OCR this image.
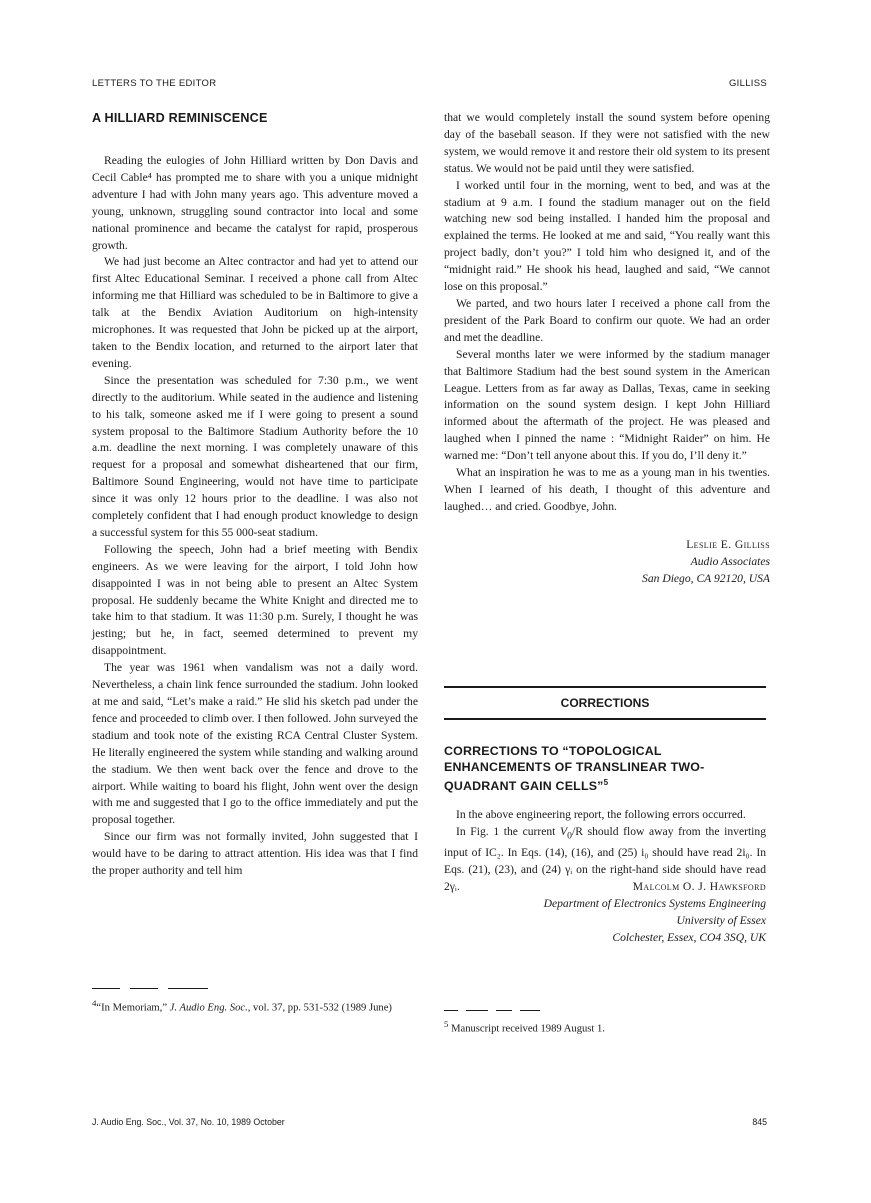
LETTERS TO THE EDITOR	GILLISS
A HILLIARD REMINISCENCE

Reading the eulogies of John Hilliard written by Don Davis and Cecil Cable⁴ has prompted me to share with you a unique midnight adventure I had with John many years ago. This adventure moved a young, unknown, struggling sound contractor into local and some national prominence and became the catalyst for rapid, prosperous growth.

We had just become an Altec contractor and had yet to attend our first Altec Educational Seminar. I received a phone call from Altec informing me that Hilliard was scheduled to be in Baltimore to give a talk at the Bendix Aviation Auditorium on high-intensity microphones. It was requested that John be picked up at the airport, taken to the Bendix location, and returned to the airport later that evening.

Since the presentation was scheduled for 7:30 p.m., we went directly to the auditorium. While seated in the audience and listening to his talk, someone asked me if I were going to present a sound system proposal to the Baltimore Stadium Authority before the 10 a.m. deadline the next morning. I was completely unaware of this request for a proposal and somewhat disheartened that our firm, Baltimore Sound Engineering, would not have time to participate since it was only 12 hours prior to the deadline. I was also not completely confident that I had enough product knowledge to design a successful system for this 55 000-seat stadium.

Following the speech, John had a brief meeting with Bendix engineers. As we were leaving for the airport, I told John how disappointed I was in not being able to present an Altec System proposal. He suddenly became the White Knight and directed me to take him to that stadium. It was 11:30 p.m. Surely, I thought he was jesting; but he, in fact, seemed determined to prevent my disappointment.

The year was 1961 when vandalism was not a daily word. Nevertheless, a chain link fence surrounded the stadium. John looked at me and said, “Let’s make a raid.” He slid his sketch pad under the fence and proceeded to climb over. I then followed. John surveyed the stadium and took note of the existing RCA Central Cluster System. He literally engineered the system while standing and walking around the stadium. We then went back over the fence and drove to the airport. While waiting to board his flight, John went over the design with me and suggested that I go to the office immediately and put the proposal together.

Since our firm was not formally invited, John suggested that I would have to be daring to attract attention. His idea was that I find the proper authority and tell him

$^4$“In Memoriam,” J. Audio Eng. Soc., vol. 37, pp. 531-532 (1989 June)

that we would completely install the sound system before opening day of the baseball season. If they were not satisfied with the new system, we would remove it and restore their old system to its present status. We would not be paid until they were satisfied.

I worked until four in the morning, went to bed, and was at the stadium at 9 a.m. I found the stadium manager out on the field watching new sod being installed. I handed him the proposal and explained the terms. He looked at me and said, “You really want this project badly, don’t you?” I told him who designed it, and of the “midnight raid.” He shook his head, laughed and said, “We cannot lose on this proposal.”

We parted, and two hours later I received a phone call from the president of the Park Board to confirm our quote. We had an order and met the deadline.

Several months later we were informed by the stadium manager that Baltimore Stadium had the best sound system in the American League. Letters from as far away as Dallas, Texas, came in seeking information on the sound system design. I kept John Hilliard informed about the aftermath of the project. He was pleased and laughed when I pinned the name : “Midnight Raider” on him. He warned me: “Don’t tell anyone about this. If you do, I’ll deny it.”

What an inspiration he was to me as a young man in his twenties. When I learned of his death, I thought of this adventure and laughed… and cried. Goodbye, John.

Leslie E. Gilliss
Audio Associates
San Diego, CA 92120, USA
CORRECTIONS
CORRECTIONS TO “TOPOLOGICAL ENHANCEMENTS OF TRANSLINEAR TWO-QUADRANT GAIN CELLS”$^5$

In the above engineering report, the following errors occurred.

In Fig. 1 the current $V_0/R$ should flow away from the inverting input of IC₂. In Eqs. (14), (16), and (25) i₀ should have read 2i₀. In Eqs. (21), (23), and (24) γᵢ on the right-hand side should have read 2γᵢ.	Malcolm O. J. Hawksford
Department of Electronics Systems Engineering
University of Essex
Colchester, Essex, CO4 3SQ, UK
$^5$ Manuscript received 1989 August 1.
J. Audio Eng. Soc., Vol. 37, No. 10, 1989 October	845
